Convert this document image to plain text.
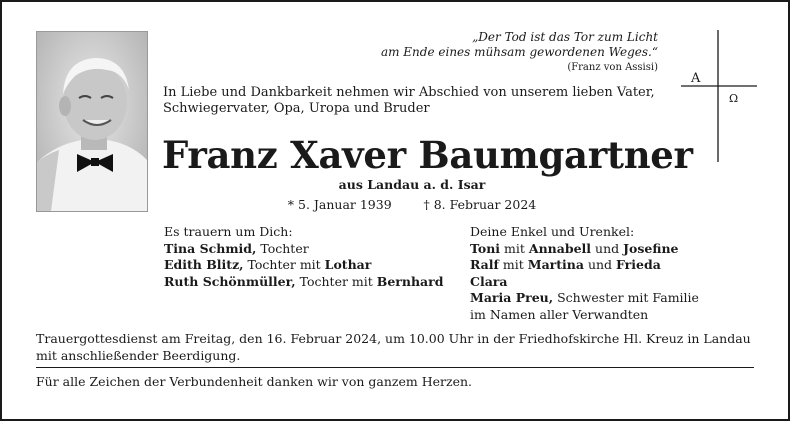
„Der Tod ist das Tor zum Licht
am Ende eines mühsam gewordenen Weges.“
(Franz von Assisi)
A
Ω
In Liebe und Dankbarkeit nehmen wir Abschied von unserem lieben Vater, Schwiegervater, Opa, Uropa und Bruder
Franz Xaver Baumgartner
aus Landau a. d. Isar
* 5. Januar 1939	† 8. Februar 2024
Es trauern um Dich:
Tina Schmid, Tochter
Edith Blitz, Tochter mit Lothar
Ruth Schönmüller, Tochter mit Bernhard
Deine Enkel und Urenkel:
Toni mit Annabell und Josefine
Ralf mit Martina und Frieda
Clara
Maria Preu, Schwester mit Familie
im Namen aller Verwandten
Trauergottesdienst am Freitag, den 16. Februar 2024, um 10.00 Uhr in der Friedhofskirche Hl. Kreuz in Landau mit anschließender Beerdigung.
Für alle Zeichen der Verbundenheit danken wir von ganzem Herzen.
